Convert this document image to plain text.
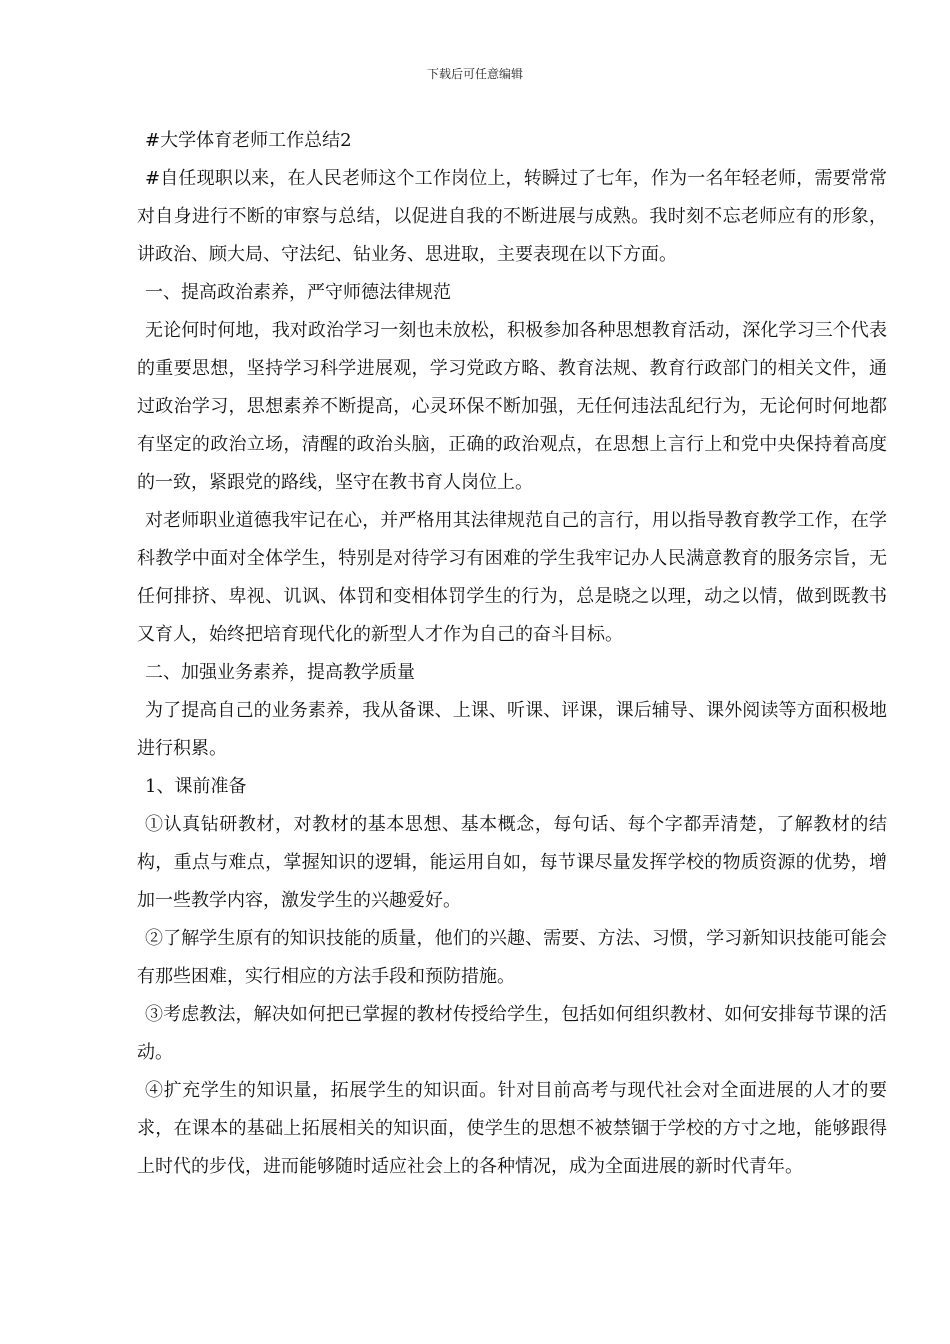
下载后可任意编辑

#大学体育老师工作总结2

#自任现职以来，在人民老师这个工作岗位上，转瞬过了七年，作为一名年轻老师，需要常常对自身进行不断的审察与总结，以促进自我的不断进展与成熟。我时刻不忘老师应有的形象，讲政治、顾大局、守法纪、钻业务、思进取，主要表现在以下方面。

一、提高政治素养，严守师德法律规范

无论何时何地，我对政治学习一刻也未放松，积极参加各种思想教育活动，深化学习三个代表的重要思想，坚持学习科学进展观，学习党政方略、教育法规、教育行政部门的相关文件，通过政治学习，思想素养不断提高，心灵环保不断加强，无任何违法乱纪行为，无论何时何地都有坚定的政治立场，清醒的政治头脑，正确的政治观点，在思想上言行上和党中央保持着高度的一致，紧跟党的路线，坚守在教书育人岗位上。

对老师职业道德我牢记在心，并严格用其法律规范自己的言行，用以指导教育教学工作，在学科教学中面对全体学生，特别是对待学习有困难的学生我牢记办人民满意教育的服务宗旨，无任何排挤、卑视、讥讽、体罚和变相体罚学生的行为，总是晓之以理，动之以情，做到既教书又育人，始终把培育现代化的新型人才作为自己的奋斗目标。

二、加强业务素养，提高教学质量

为了提高自己的业务素养，我从备课、上课、听课、评课，课后辅导、课外阅读等方面积极地进行积累。

1、课前准备

①认真钻研教材，对教材的基本思想、基本概念，每句话、每个字都弄清楚，了解教材的结构，重点与难点，掌握知识的逻辑，能运用自如，每节课尽量发挥学校的物质资源的优势，增加一些教学内容，激发学生的兴趣爱好。

②了解学生原有的知识技能的质量，他们的兴趣、需要、方法、习惯，学习新知识技能可能会有那些困难，实行相应的方法手段和预防措施。

③考虑教法，解决如何把已掌握的教材传授给学生，包括如何组织教材、如何安排每节课的活动。

④扩充学生的知识量，拓展学生的知识面。针对目前高考与现代社会对全面进展的人才的要求，在课本的基础上拓展相关的知识面，使学生的思想不被禁锢于学校的方寸之地，能够跟得上时代的步伐，进而能够随时适应社会上的各种情况，成为全面进展的新时代青年。
